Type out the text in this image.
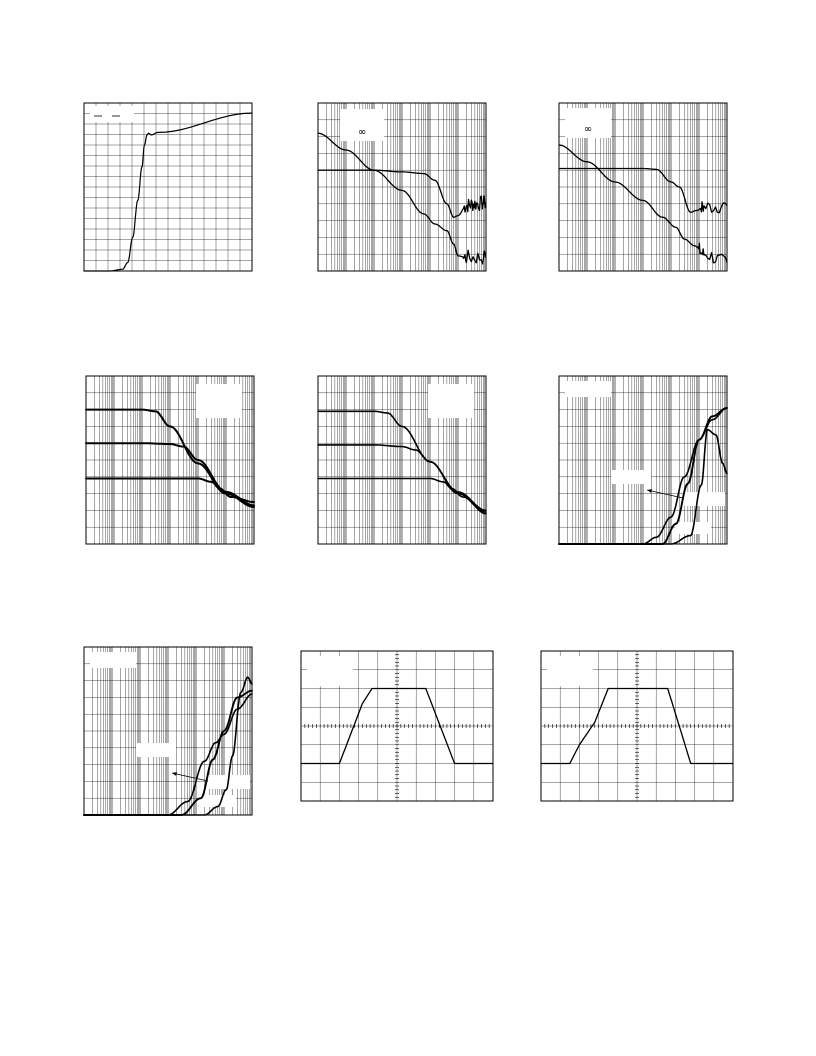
∞	∞
